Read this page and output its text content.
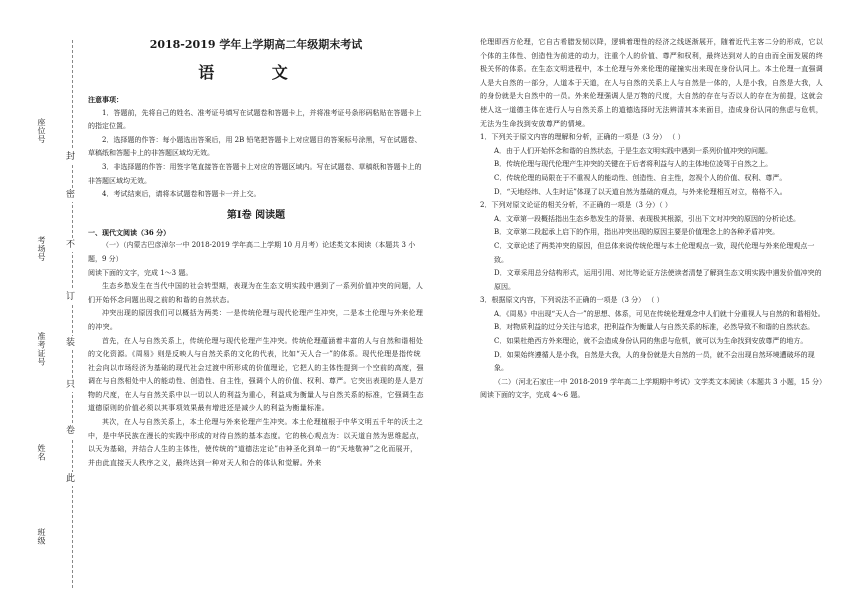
封
密
不
订
装
只
卷
此
座位号
考场号
准考证号
姓名
班级
2018-2019 学年上学期高二年级期末考试
语 文
注意事项：

1．答题前，先将自己的姓名、准考证号填写在试题卷和答题卡上，并将准考证号条形码粘贴在答题卡上的指定位置。

2．选择题的作答：每小题选出答案后，用 2B 铅笔把答题卡上对应题目的答案标号涂黑，写在试题卷、草稿纸和答题卡上的非答题区域均无效。

3．非选择题的作答：用签字笔直接答在答题卡上对应的答题区域内。写在试题卷、草稿纸和答题卡上的非答题区域均无效。

4．考试结束后，请将本试题卷和答题卡一并上交。

第Ⅰ卷 阅读题
一、现代文阅读（36 分）

（一）（内蒙古巴彦淖尔一中 2018-2019 学年高二上学期 10 月月考）论述类文本阅读（本题共 3 小题，9 分）

阅读下面的文字，完成 1～3 题。

生态乡愁发生在当代中国的社会转型期，表现为在生态文明实践中遇到了一系列价值冲突的问题，人们开始怀念问题出现之前的和谐的自然状态。

冲突出现的原因我们可以概括为两类：一是传统伦理与现代伦理产生冲突，二是本土伦理与外来伦理的冲突。

首先，在人与自然关系上，传统伦理与现代伦理产生冲突。传统伦理蕴涵着丰富的人与自然和谐相处的文化资源。《周易》则是反映人与自然关系的文化的代表，比如“天人合一”的体系。现代伦理是指传统社会向以市场经济为基础的现代社会过渡中所形成的价值理论，它把人的主体性提到一个空前的高度，强调在与自然相处中人的能动性、创造性、自主性，强调个人的价值、权利、尊严。它突出表现的是人是万物的尺度，在人与自然关系中以一切以人的利益为重心，利益成为衡量人与自然关系的标准，它强调生态道德原则的价值必须以其事项效果最有增进还是减少人的利益为衡量标准。

其次，在人与自然关系上，本土伦理与外来伦理产生冲突。本土伦理植根于中华文明五千年的沃土之中，是中华民族在漫长的实践中形成的对待自然的基本态度。它的核心观点为：以天道自然为思维起点，以天为基础，并结合人生的主体性，使传统的“道德法定论”由神圣化到单一的“天地敬神”之化而展开，并由此直接天人秩序之义，最终达到一种对天人和合的体认和觉解。外来

伦理即西方伦理，它自古希腊发韧以降，逻辑着理性的经济之线逐渐展开，随着近代主客二分的形成，它以个体的主体性、创造性为前进的动力，注重个人的价值、尊严和权利，最终达到对人的自由而全面发展的终极关怀的体系。在生态文明进程中，本土伦理与外来伦理的碰撞实出来现在身份认同上。本土伦理一直强调人是大自然的一部分，人道本于天道，在人与自然的关系上人与自然是一体的，人是小我，自然是大我，人的身份就是大自然中的一员。外来伦理强调人是万物的尺度，大自然的存在与否以人的存在为前提，这就会使人这一道德主体在进行人与自然关系上的道德选择时无法辨清其本来面目，造成身份认同的焦虑与危机，无法为生命找到安放尊严的情境。

1．下列关于原文内容的理解和分析，正确的一项是（3 分） （ ）

A．由于人们开始怀念和谐的自然状态，于是生态文明实践中遇到一系列价值冲突的问题。

B．传统伦理与现代伦理产生冲突的关键在于后者将利益与人的主体地位凌驾于自然之上。

C．传统伦理的局限在于不重视人的能动性、创造性、自主性，忽视个人的价值、权利、尊严。

D．“天地经纬、人生时运”体现了以天道自然为基础的观点，与外来伦理相互对立，格格不入。

2．下列对原文论证的相关分析，不正确的一项是（3 分）（ ）

A．文章第一段概括指出生态乡愁发生的背景、表现极其根源，引出下文对冲突的原因的分析论述。

B．文章第二段起承上启下的作用，指出冲突出现的原因主要是价值理念上的各种矛盾冲突。

C．文章论述了两类冲突的原因，但总体来说传统伦理与本土伦理观点一致，现代伦理与外来伦理观点一致。

D．文章采用总分结构形式，运用引用、对比等论证方法使读者清楚了解到生态文明实践中遇发价值冲突的原因。

3．根据原文内容，下列说法不正确的一项是（3 分） （ ）

A．《周易》中出现“天人合一”的思想、体系，可见在传统伦理观念中人们就十分重视人与自然的和谐相处。

B．对物质利益的过分关注与追求，把利益作为衡量人与自然关系的标准，必然导致不和谐的自然状态。

C．如果杜绝西方外来理论，就不会造成身份认同的焦虑与危机，就可以为生命找到安放尊严的地方。

D．如果始终遵循人是小我，自然是大我，人的身份就是大自然的一员，就不会出现自然环境遭破坏的现象。

（二）（河北石家庄一中 2018-2019 学年高二上学期期中考试）文学类文本阅读（本题共 3 小题，15 分）

阅读下面的文字，完成 4～6 题。
